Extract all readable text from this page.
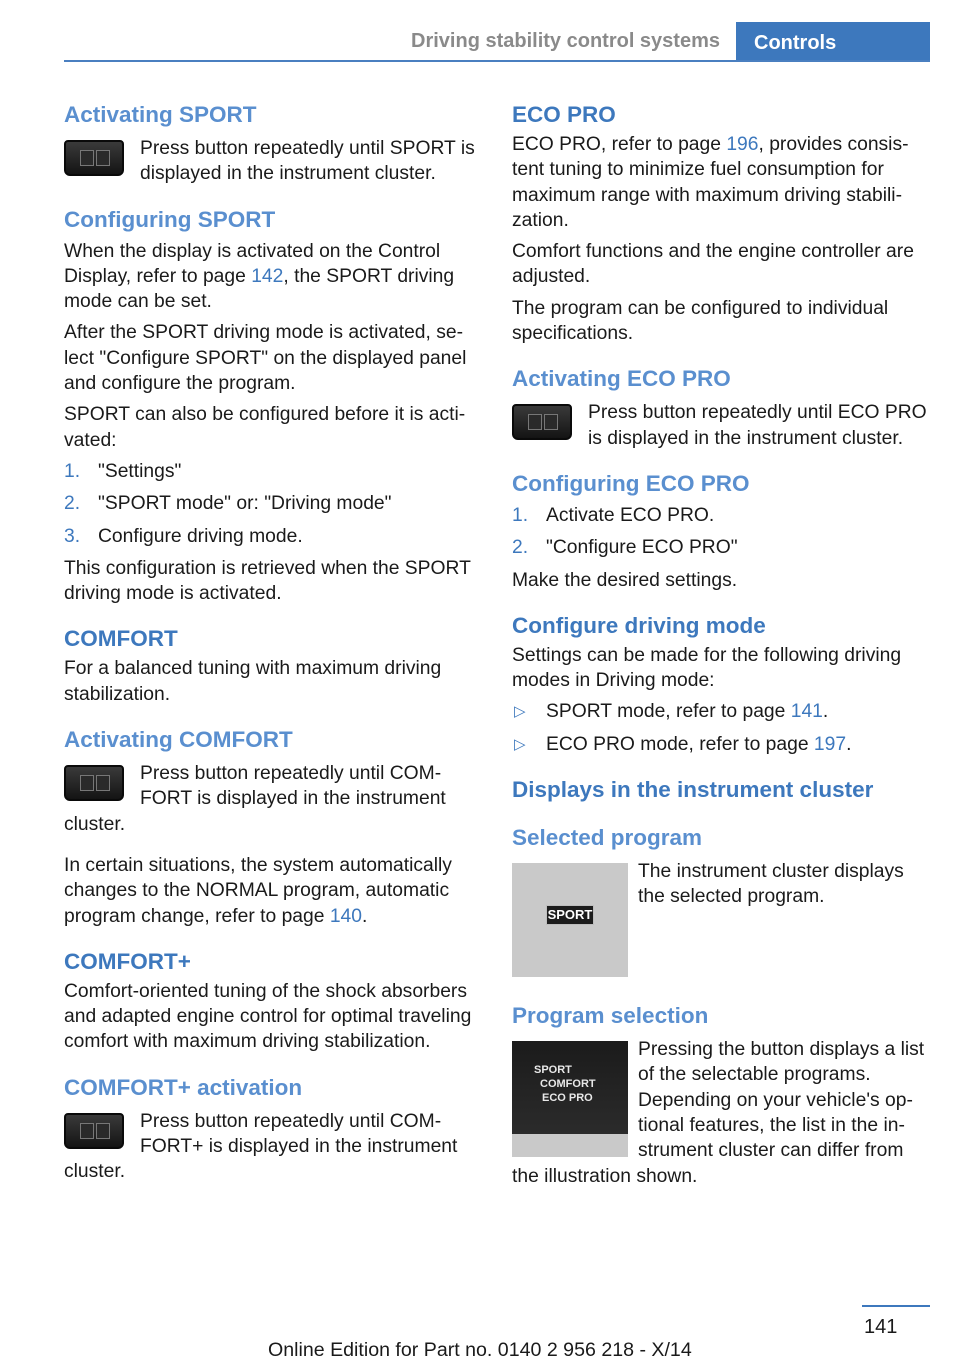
Driving stability control systems	Controls
Activating SPORT
Press button repeatedly until SPORT is displayed in the instrument cluster.
Configuring SPORT

When the display is activated on the Control Display, refer to page 142, the SPORT driving mode can be set.

After the SPORT driving mode is activated, select "Configure SPORT" on the displayed panel and configure the program.

SPORT can also be configured before it is activated:

1. "Settings"
2. "SPORT mode" or: "Driving mode"
3. Configure driving mode.

This configuration is retrieved when the SPORT driving mode is activated.

COMFORT

For a balanced tuning with maximum driving stabilization.

Activating COMFORT
Press button repeatedly until COMFORT is displayed in the instrument cluster.

In certain situations, the system automatically changes to the NORMAL program, automatic program change, refer to page 140.

COMFORT+

Comfort-oriented tuning of the shock absorbers and adapted engine control for optimal traveling comfort with maximum driving stabilization.

COMFORT+ activation
Press button repeatedly until COMFORT+ is displayed in the instrument cluster.
ECO PRO

ECO PRO, refer to page 196, provides consistent tuning to minimize fuel consumption for maximum range with maximum driving stabilization.

Comfort functions and the engine controller are adjusted.

The program can be configured to individual specifications.

Activating ECO PRO
Press button repeatedly until ECO PRO is displayed in the instrument cluster.
Configuring ECO PRO
1. Activate ECO PRO.
2. "Configure ECO PRO"

Make the desired settings.

Configure driving mode

Settings can be made for the following driving modes in Driving mode:

▷ SPORT mode, refer to page 141.
▷ ECO PRO mode, refer to page 197.
Displays in the instrument cluster
Selected program
SPORT
The instrument cluster displays the selected program.
Program selection
SPORT
COMFORT
ECO PRO
Pressing the button displays a list of the selectable programs. Depending on your vehicle's optional features, the list in the instrument cluster can differ from the illustration shown.
141
Online Edition for Part no. 0140 2 956 218 - X/14
